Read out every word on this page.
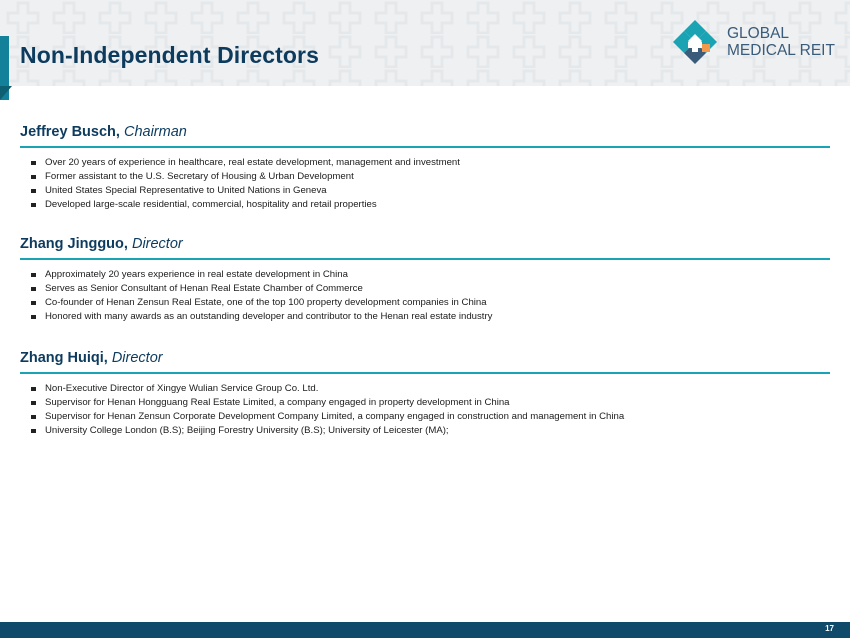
Non-Independent Directors
GLOBAL
MEDICAL REIT
Jeffrey Busch, Chairman
Over 20 years of experience in healthcare, real estate development, management and investment
Former assistant to the U.S. Secretary of Housing & Urban Development
United States Special Representative to United Nations in Geneva
Developed large-scale residential, commercial, hospitality and retail properties
Zhang Jingguo, Director
Approximately 20 years experience in real estate development in China
Serves as Senior Consultant of Henan Real Estate Chamber of Commerce
Co-founder of Henan Zensun Real Estate, one of the top 100 property development companies in China
Honored with many awards as an outstanding developer and contributor to the Henan real estate industry
Zhang Huiqi, Director
Non-Executive Director of Xingye Wulian Service Group Co. Ltd.
Supervisor for Henan Hongguang Real Estate Limited, a company engaged in property development in China
Supervisor for Henan Zensun Corporate Development Company Limited, a company engaged in construction and management in China
University College London (B.S); Beijing Forestry University (B.S); University of Leicester (MA);
17
